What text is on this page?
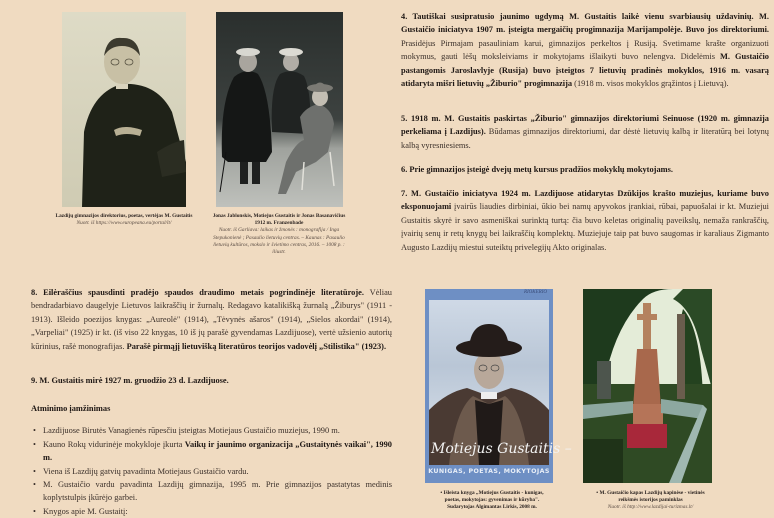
Lazdijų gimnazijos direktorius, poetas, vertėjas M. Gustaitis
Nuotr. iš https://www.europeana.eu/portal/lt/
Jonas Jablonskis, Motiejus Gustaitis ir Jonas Basanavičius 1912 m. Franzenbade
Nuotr. iš Garliava: laikas ir žmonės : monografija / Inga Stepukonienė ; Pasaulio lietuvių centras. – Kaunas : Pasaulio lietuvių kultūros, mokslo ir švietimo centras, 2016. – 1008 p. : iliustr.
4. Tautiškai susipratusio jaunimo ugdymą M. Gustaitis laikė vienu svarbiausių uždavinių. M. Gustaičio iniciatyva 1907 m. įsteigta mergaičių progimnazija Marijampolėje. Buvo jos direktoriumi. Prasidėjus Pirmajam pasauliniam karui, gimnazijos perkeltos į Rusiją. Svetimame krašte organizuoti mokymus, gauti lėšų moksleiviams ir mokytojams išlaikyti buvo nelengva. Didelėmis M. Gustaičio pastangomis Jaroslavlyje (Rusija) buvo įsteigtos 7 lietuvių pradinės mokyklos, 1916 m. vasarą atidaryta mišri lietuvių „Žiburio" progimnazija (1918 m. visos mokyklos grąžintos į Lietuvą).
5. 1918 m. M. Gustaitis paskirtas „Žiburio" gimnazijos direktoriumi Seinuose (1920 m. gimnazija perkeliama į Lazdijus). Būdamas gimnazijos direktoriumi, dar dėstė lietuvių kalbą ir literatūrą bei lotynų kalbą vyresniesiems.
6. Prie gimnazijos įsteigė dvejų metų kursus pradžios mokyklų mokytojams.
7. M. Gustaičio iniciatyva 1924 m. Lazdijuose atidarytas Dzūkijos krašto muziejus, kuriame buvo eksponuojami įvairūs liaudies dirbiniai, ūkio bei namų apyvokos įrankiai, rūbai, papuošalai ir kt. Muziejui Gustaitis skyrė ir savo asmeniškai surinktą turtą: čia buvo keletas originalių paveikslų, nemaža rankraščių, įvairių senų ir retų knygų bei laikraščių komplektų. Muziejuje taip pat buvo saugomas ir karaliaus Zigmanto Augusto Lazdijų miestui suteiktų privelegijų Akto originalas.
8. Eilėraščius spausdinti pradėjo spaudos draudimo metais pogrindinėje literatūroje. Vėliau bendradarbiavo daugelyje Lietuvos laikraščių ir žurnalų. Redagavo katalikišką žurnalą „Žiburys" (1911 - 1913). Išleido poezijos knygas: „Aureolė" (1914), „Tėvynės ašaros" (1914), „Sielos akordai" (1914), „Varpeliai" (1925) ir kt. (iš viso 22 knygas, 10 iš jų parašė gyvendamas Lazdijuose), vertė užsienio autorių kūrinius, rašė monografijas. Parašė pirmąjį lietuvišką literatūros teorijos vadovėlį „Stilistika" (1923).
9. M. Gustaitis mirė 1927 m. gruodžio 23 d. Lazdijuose.
Atminimo įamžinimas
• Lazdijuose Birutės Vanagienės rūpesčiu įsteigtas Motiejaus Gustaičio muziejus, 1990 m.
• Kauno Rokų vidurinėje mokykloje įkurta Vaikų ir jaunimo organizacija „Gustaitynės vaikai", 1990 m.
• Viena iš Lazdijų gatvių pavadinta Motiejaus Gustaičio vardu.
• M. Gustaičio vardu pavadinta Lazdijų gimnazija, 1995 m. Prie gimnazijos pastatytas medinis koplytstulpis įkūrėjo garbei.
• Knygos apie M. Gustaitį:
RIOKERIO
Motiejus Gustaitis –
KUNIGAS, POETAS, MOKYTOJAS
• Išleista knyga „Motiejus Gustaitis - kunigas, poetas, mokytojas: gyvenimas ir kūryba". Sudarytojas Algimantas Lirkis, 2008 m.
• M. Gustaičio kapas Lazdijų kapinėse - vietinės reikšmės istorijos paminklas
Nuotr. iš http://www.lazdijai-turizmas.lt/
